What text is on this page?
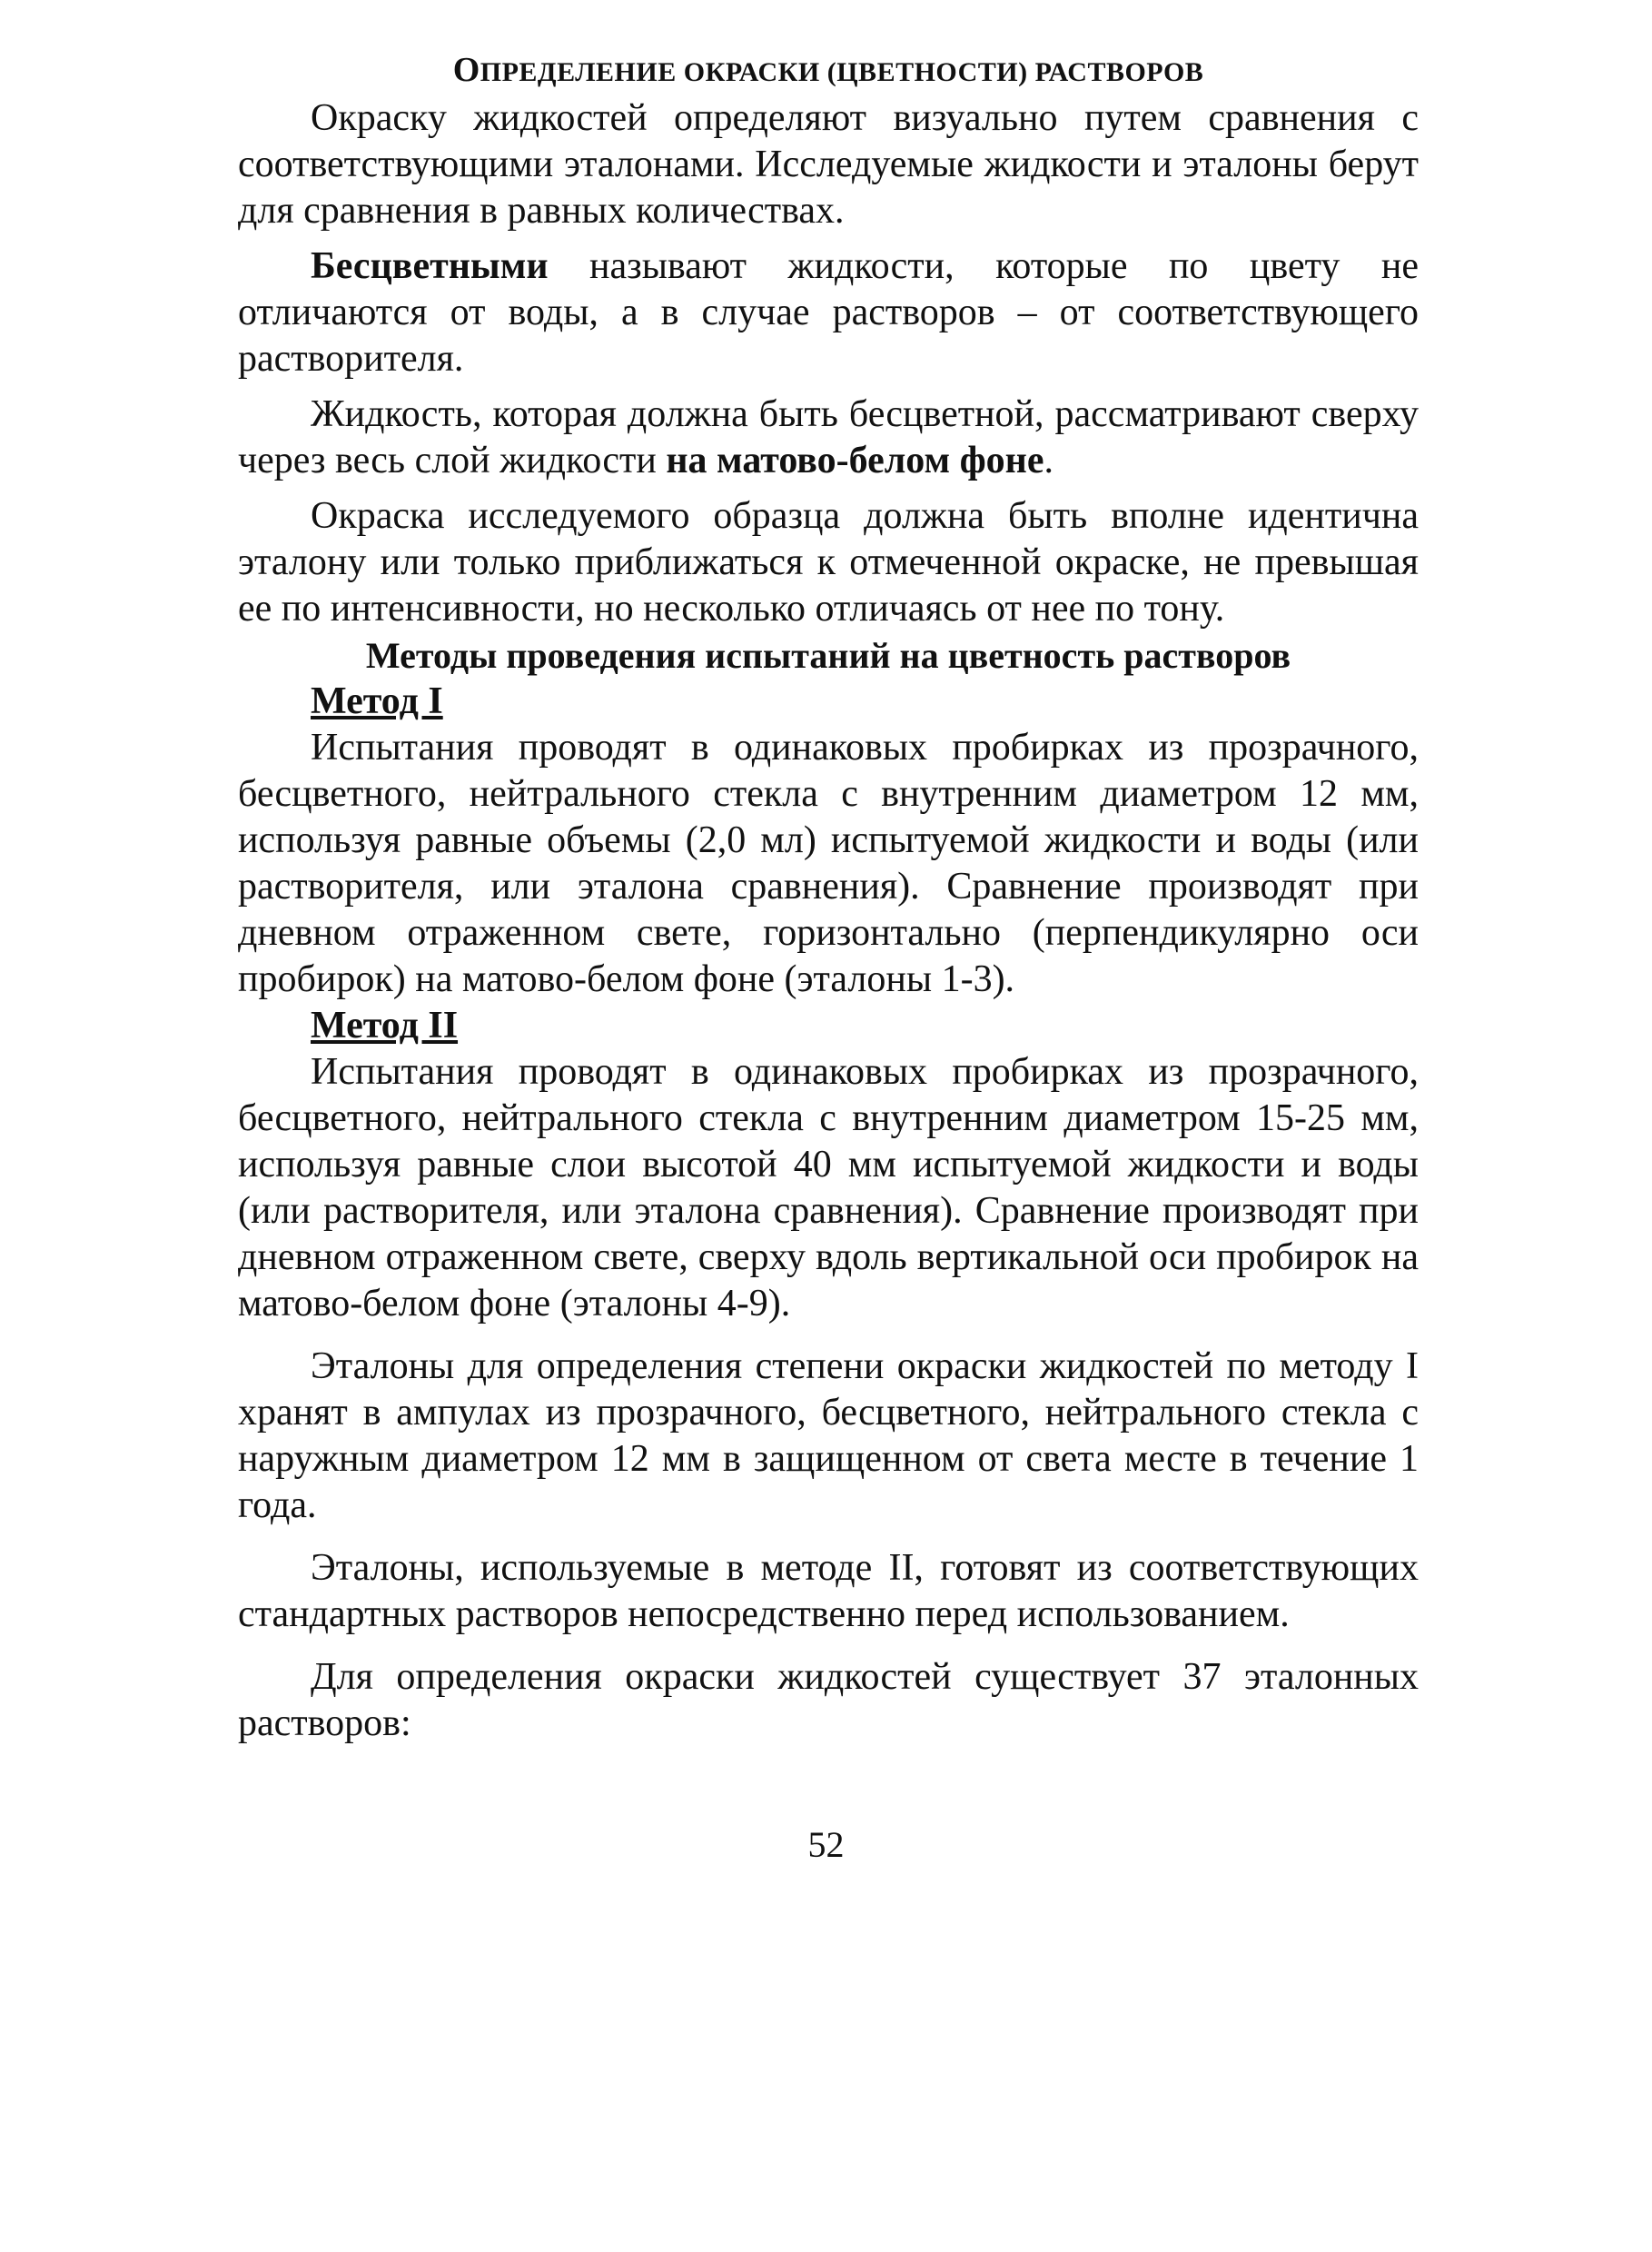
ОПРЕДЕЛЕНИЕ ОКРАСКИ (ЦВЕТНОСТИ) РАСТВОРОВ

Окраску жидкостей определяют визуально путем сравнения с соответствующими эталонами. Исследуемые жидкости и эталоны берут для сравнения в равных количествах.

Бесцветными называют жидкости, которые по цвету не отличаются от воды, а в случае растворов – от соответствующего растворителя.

Жидкость, которая должна быть бесцветной, рассматривают сверху через весь слой жидкости на матово-белом фоне.

Окраска исследуемого образца должна быть вполне идентична эталону или только приближаться к отмеченной окраске, не превышая ее по интенсивности, но несколько отличаясь от нее по тону.

Методы проведения испытаний на цветность растворов
Метод I

Испытания проводят в одинаковых пробирках из прозрачного, бесцветного, нейтрального стекла с внутренним диаметром 12 мм, используя равные объемы (2,0 мл) испытуемой жидкости и воды (или растворителя, или эталона сравнения). Сравнение производят при дневном отраженном свете, горизонтально (перпендикулярно оси пробирок) на матово-белом фоне (эталоны 1-3).

Метод II

Испытания проводят в одинаковых пробирках из прозрачного, бесцветного, нейтрального стекла с внутренним диаметром 15-25 мм, используя равные слои высотой 40 мм испытуемой жидкости и воды (или растворителя, или эталона сравнения). Сравнение производят при дневном отраженном свете, сверху вдоль вертикальной оси пробирок на матово-белом фоне (эталоны 4-9).

Эталоны для определения степени окраски жидкостей по методу I хранят в ампулах из прозрачного, бесцветного, нейтрального стекла с наружным диаметром 12 мм в защищенном от света месте в течение 1 года.

Эталоны, используемые в методе II, готовят из соответствующих стандартных растворов непосредственно перед использованием.

Для определения окраски жидкостей существует 37 эталонных растворов:

52
